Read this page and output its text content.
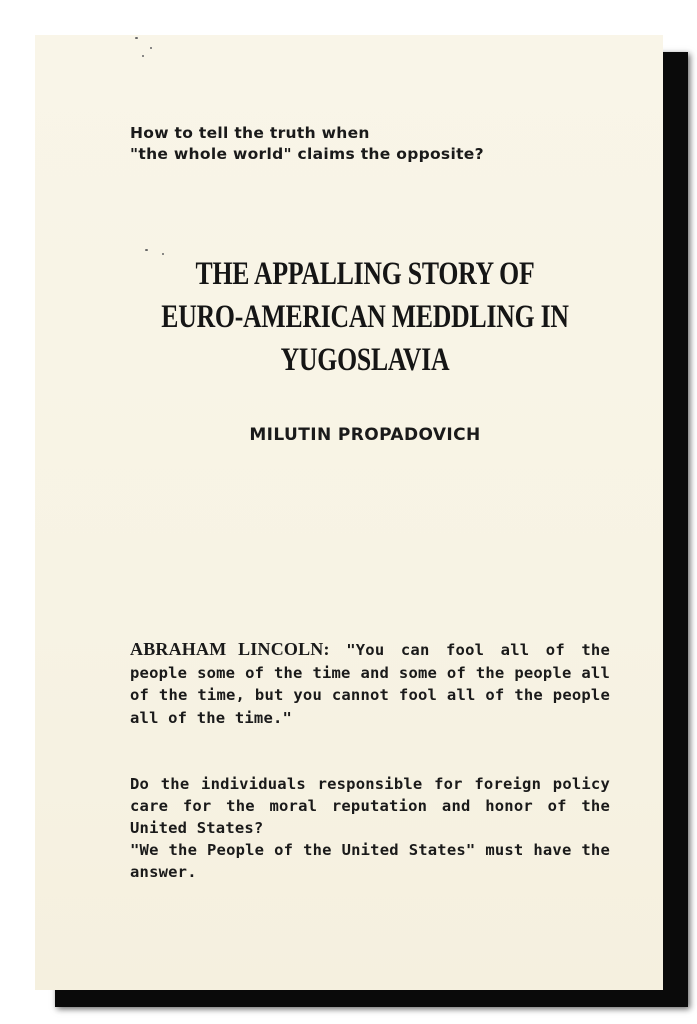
How to tell the truth when
"the whole world" claims the opposite?
THE APPALLING STORY OF
EURO-AMERICAN MEDDLING IN
YUGOSLAVIA
MILUTIN PROPADOVICH
ABRAHAM LINCOLN: "You can fool all of the people some of the time and some of the people all of the time, but you cannot fool all of the people all of the time."

Do the individuals responsible for foreign policy care for the moral reputation and honor of the United States?

"We the People of the United States" must have the answer.
